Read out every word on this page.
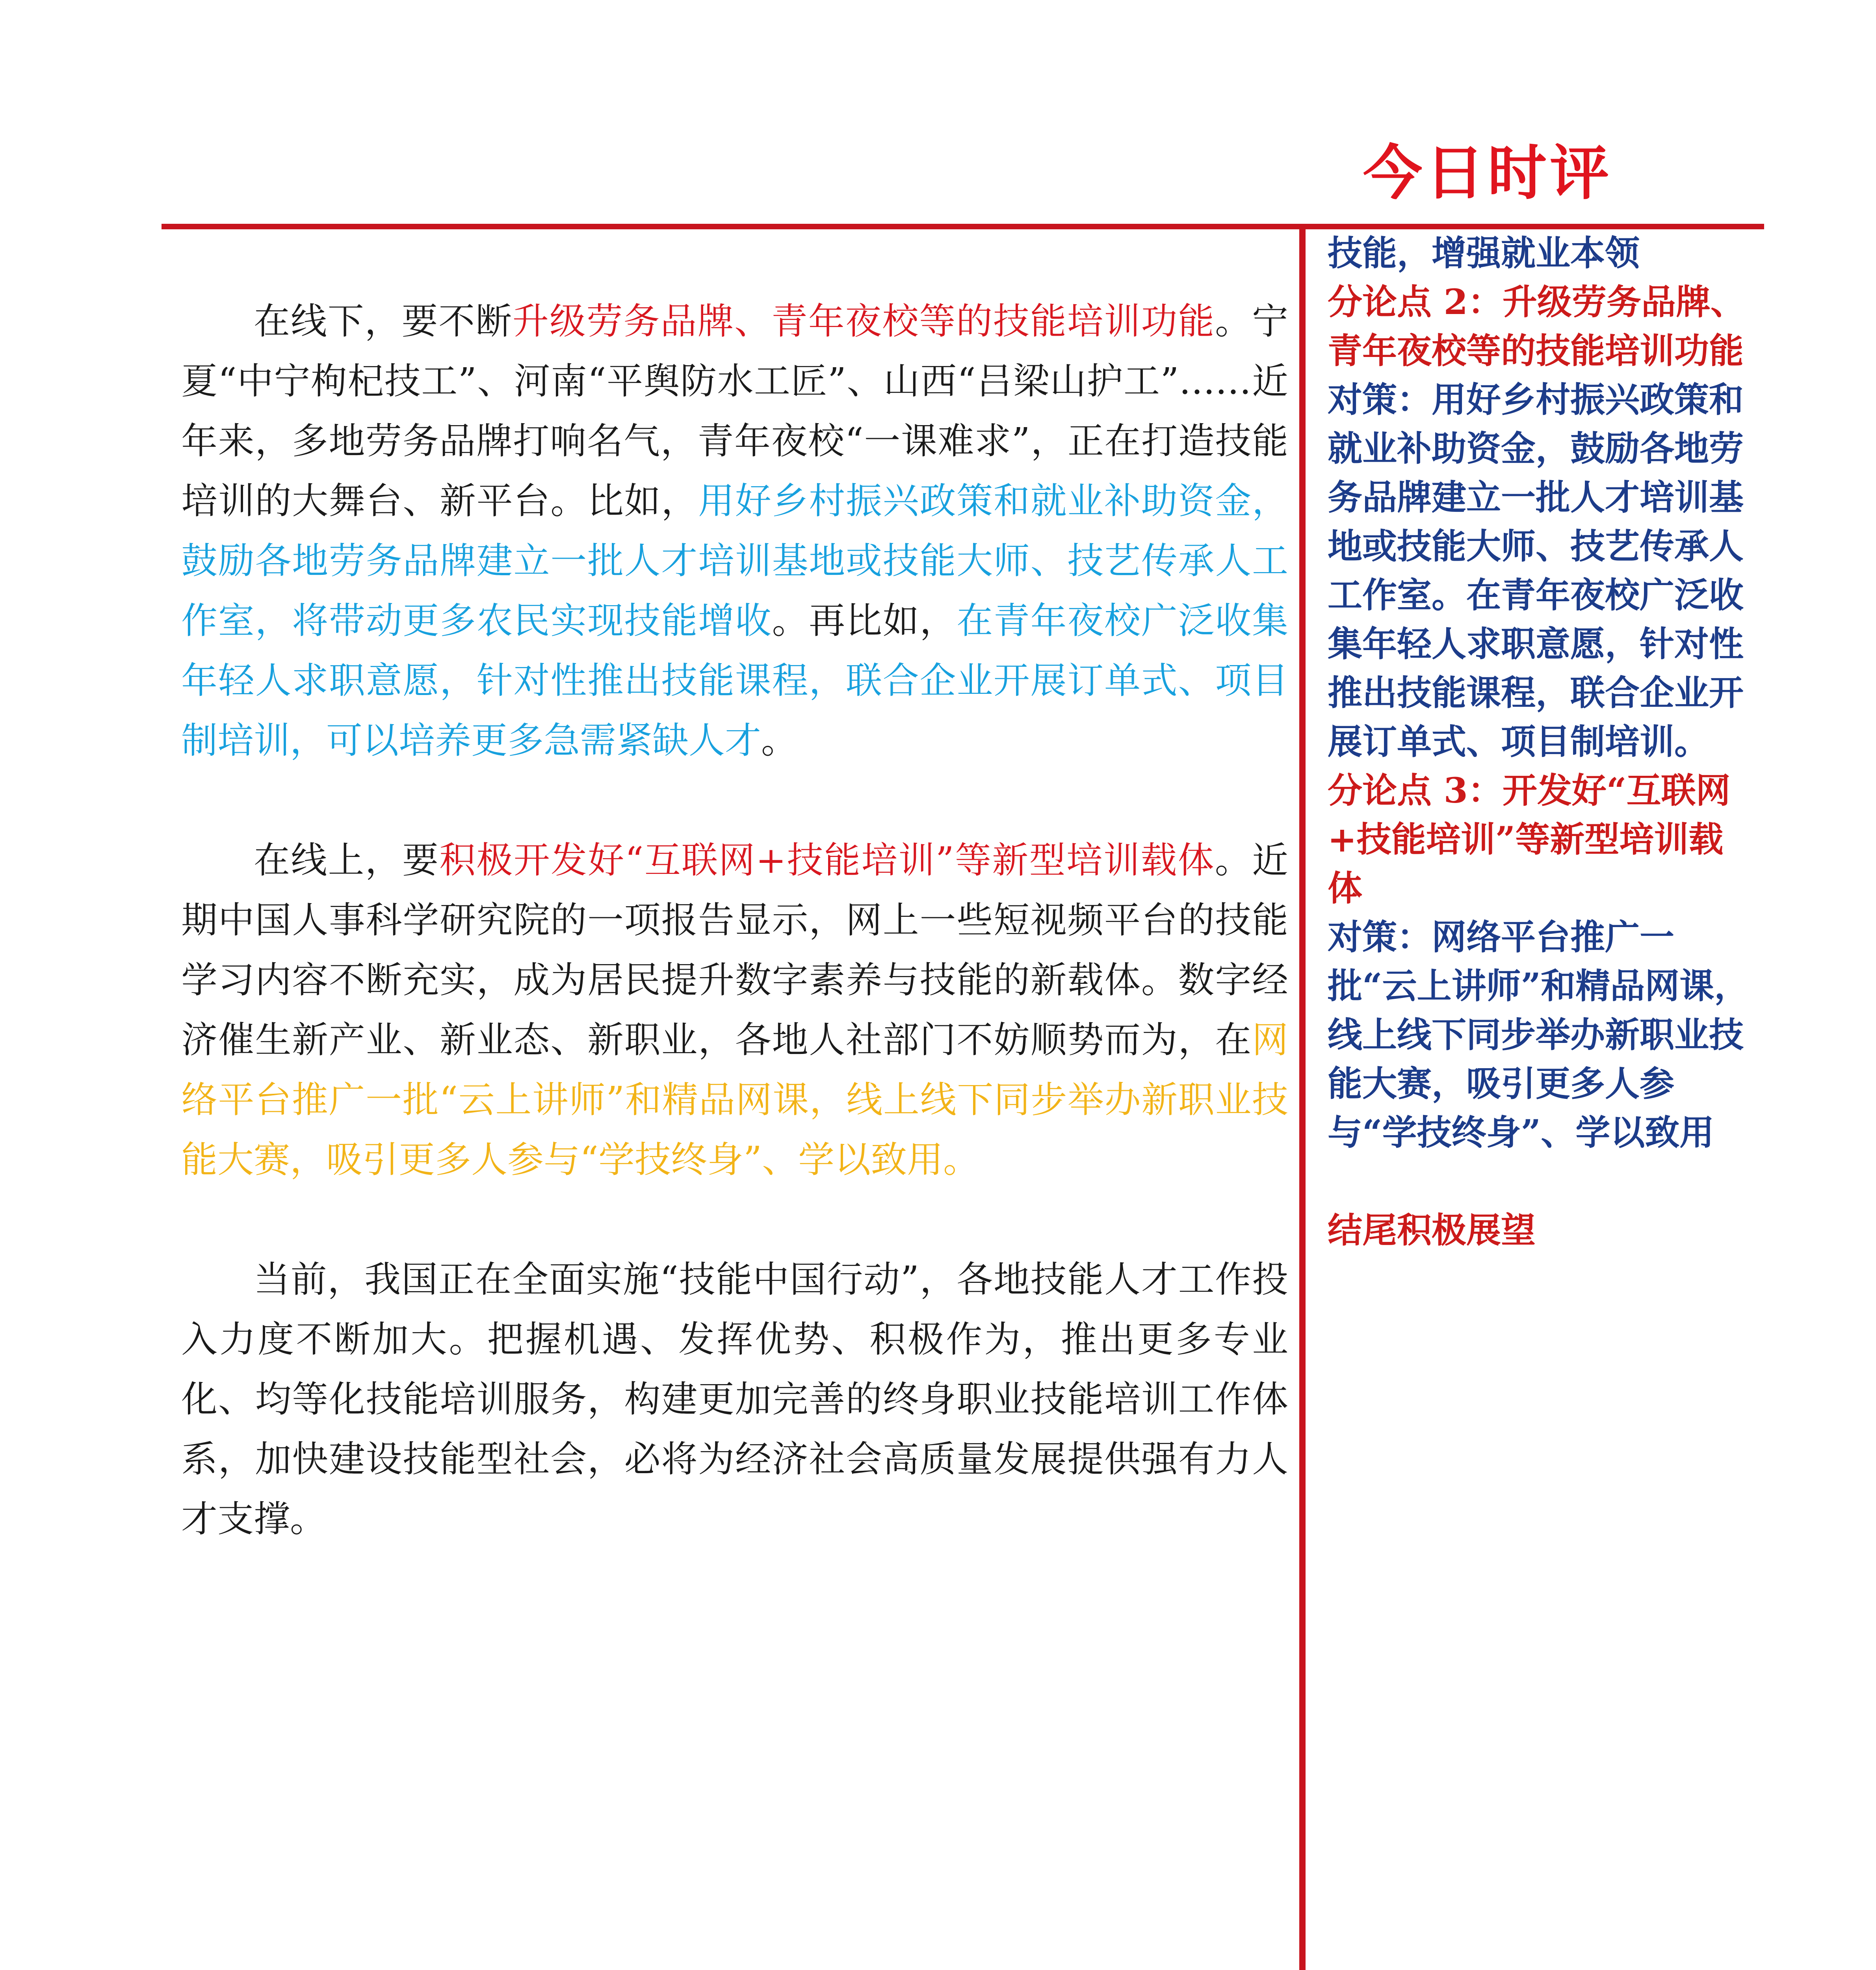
今日时评

在线下，要不断升级劳务品牌、青年夜校等的技能培训功能。宁夏“中宁枸杞技工”、河南“平舆防水工匠”、山西“吕梁山护工”……近年来，多地劳务品牌打响名气，青年夜校“一课难求”，正在打造技能培训的大舞台、新平台。比如，用好乡村振兴政策和就业补助资金，鼓励各地劳务品牌建立一批人才培训基地或技能大师、技艺传承人工作室，将带动更多农民实现技能增收。再比如，在青年夜校广泛收集年轻人求职意愿，针对性推出技能课程，联合企业开展订单式、项目制培训，可以培养更多急需紧缺人才。

在线上，要积极开发好“互联网+技能培训”等新型培训载体。近期中国人事科学研究院的一项报告显示，网上一些短视频平台的技能学习内容不断充实，成为居民提升数字素养与技能的新载体。数字经济催生新产业、新业态、新职业，各地人社部门不妨顺势而为，在网络平台推广一批“云上讲师”和精品网课，线上线下同步举办新职业技能大赛，吸引更多人参与“学技终身”、学以致用。

当前，我国正在全面实施“技能中国行动”，各地技能人才工作投入力度不断加大。把握机遇、发挥优势、积极作为，推出更多专业化、均等化技能培训服务，构建更加完善的终身职业技能培训工作体系，加快建设技能型社会，必将为经济社会高质量发展提供强有力人才支撑。

技能，增强就业本领
分论点 2：升级劳务品牌、青年夜校等的技能培训功能
对策：用好乡村振兴政策和就业补助资金，鼓励各地劳务品牌建立一批人才培训基地或技能大师、技艺传承人工作室。在青年夜校广泛收集年轻人求职意愿，针对性推出技能课程，联合企业开展订单式、项目制培训。
分论点 3：开发好“互联网+技能培训”等新型培训载体
对策：网络平台推广一批“云上讲师”和精品网课，线上线下同步举办新职业技能大赛，吸引更多人参与“学技终身”、学以致用
结尾积极展望
